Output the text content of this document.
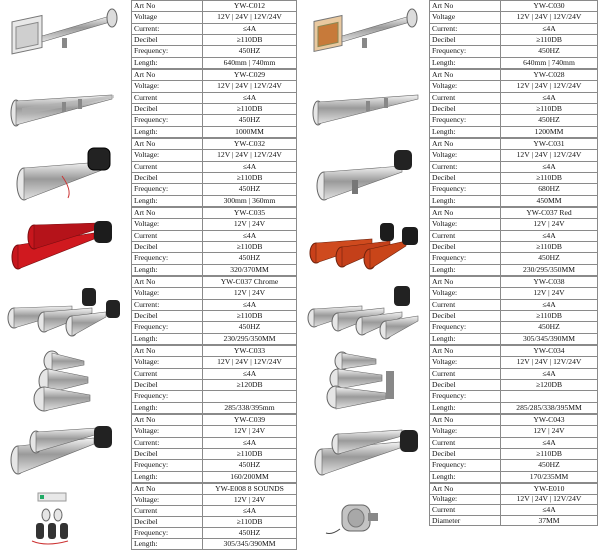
Art No	YW-C012
Voltage	12V | 24V | 12V/24V
Current:	≤4A
Decibel	≥110DB
Frequency:	450HZ
Length:	640mm | 740mm
Art No	YW-C030
Voltage	12V | 24V | 12V/24V
Current:	≤4A
Decibel	≥110DB
Frequency:	450HZ
Length:	640mm | 740mm
Art No	YW-C029
Voltage:	12V | 24V | 12V/24V
Current	≤4A
Decibel	≥110DB
Frequency:	450HZ
Length:	1000MM
Art No	YW-C028
Voltage:	12V | 24V | 12V/24V
Current	≤4A
Decibel	≥110DB
Frequency:	450HZ
Length:	1200MM
Art No	YW-C032
Voltage:	12V | 24V | 12V/24V
Current	≤4A
Decibel	≥110DB
Frequency:	450HZ
Length:	300mm | 360mm
Art No	YW-C031
Voltage:	12V | 24V | 12V/24V
Current:	≤4A
Decibel	≥110DB
Frequency:	680HZ
Length:	450MM
Art No	YW-C035
Voltage:	12V | 24V
Current	≤4A
Decibel	≥110DB
Frequency:	450HZ
Length:	320/370MM
Art No	YW-C037 Red
Voltage:	12V | 24V
Current	≤4A
Decibel	≥110DB
Frequency:	450HZ
Length:	230/295/350MM
Art No	YW-C037 Chrome
Voltage:	12V | 24V
Current:	≤4A
Decibel	≥110DB
Frequency:	450HZ
Length:	230/295/350MM
Art No	YW-C038
Voltage:	12V | 24V
Current	≤4A
Decibel	≥110DB
Frequency:	450HZ
Length:	305/345/390MM
Art No	YW-C033
Voltage:	12V | 24V | 12V/24V
Current	≤4A
Decibel	≥120DB
Frequency:	
Length:	285/338/395mm
Art No	YW-C034
Voltage:	12V | 24V | 12V/24V
Current	≤4A
Decibel	≥120DB
Frequency:	
Length:	285/285/338/395MM
Art No	YW-C039
Voltage:	12V | 24V
Current:	≤4A
Decibel	≥110DB
Frequency:	450HZ
Length:	160/200MM
Art No	YW-C043
Voltage:	12V | 24V
Current	≤4A
Decibel	≥110DB
Frequency:	450HZ
Length:	170/235MM
Art No	YW-E008 8 SOUNDS
Voltage:	12V | 24V
Current	≤4A
Decibel	≥110DB
Frequency:	450HZ
Length:	305/345/390MM
Art No	YW-E010
Voltage:	12V | 24V | 12V/24V
Current	≤4A
Diameter	37MM
